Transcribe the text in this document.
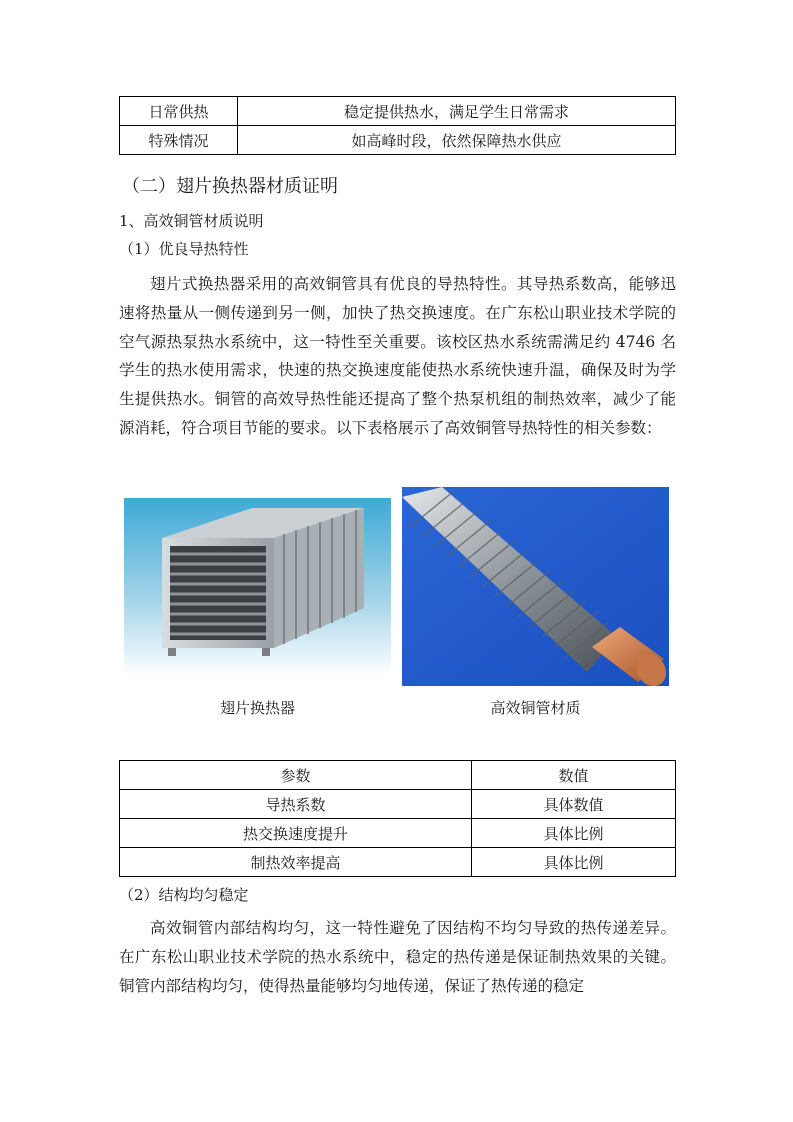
日常供热	稳定提供热水，满足学生日常需求
特殊情况	如高峰时段，依然保障热水供应
（二）翅片换热器材质证明
1、高效铜管材质说明
（1）优良导热特性
翅片式换热器采用的高效铜管具有优良的导热特性。其导热系数高，能够迅速将热量从一侧传递到另一侧，加快了热交换速度。在广东松山职业技术学院的空气源热泵热水系统中，这一特性至关重要。该校区热水系统需满足约 4746 名学生的热水使用需求，快速的热交换速度能使热水系统快速升温，确保及时为学生提供热水。铜管的高效导热性能还提高了整个热泵机组的制热效率，减少了能源消耗，符合项目节能的要求。以下表格展示了高效铜管导热特性的相关参数：
翅片换热器	高效铜管材质
参数	数值
导热系数	具体数值
热交换速度提升	具体比例
制热效率提高	具体比例
（2）结构均匀稳定
高效铜管内部结构均匀，这一特性避免了因结构不均匀导致的热传递差异。在广东松山职业技术学院的热水系统中，稳定的热传递是保证制热效果的关键。铜管内部结构均匀，使得热量能够均匀地传递，保证了热传递的稳定
